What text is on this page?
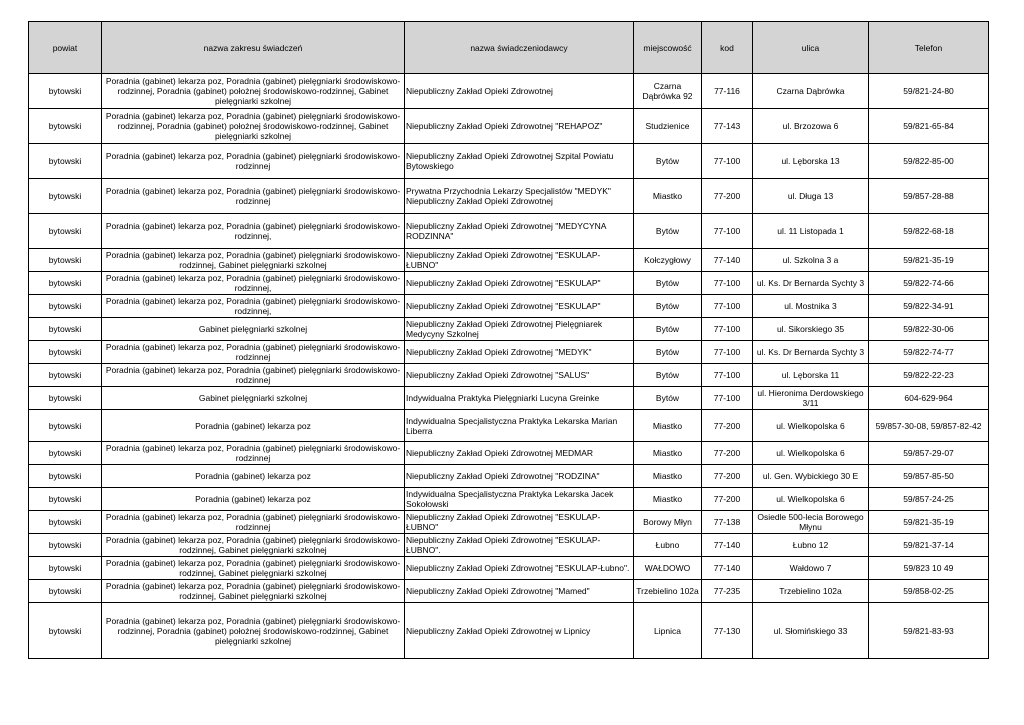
powiat	nazwa zakresu świadczeń	nazwa świadczeniodawcy	miejscowość	kod	ulica	Telefon
bytowski	Poradnia (gabinet) lekarza poz, Poradnia (gabinet) pielęgniarki środowiskowo-rodzinnej, Poradnia (gabinet) położnej środowiskowo-rodzinnej, Gabinet pielęgniarki szkolnej	Niepubliczny Zakład Opieki Zdrowotnej	Czarna Dąbrówka 92	77-116	Czarna Dąbrówka	59/821-24-80
bytowski	Poradnia (gabinet) lekarza poz, Poradnia (gabinet) pielęgniarki środowiskowo-rodzinnej, Poradnia (gabinet) położnej środowiskowo-rodzinnej, Gabinet pielęgniarki szkolnej	Niepubliczny Zakład Opieki Zdrowotnej "REHAPOZ"	Studzienice	77-143	ul. Brzozowa 6	59/821-65-84
bytowski	Poradnia (gabinet) lekarza poz, Poradnia (gabinet) pielęgniarki środowiskowo-rodzinnej	Niepubliczny Zakład Opieki Zdrowotnej Szpital Powiatu Bytowskiego	Bytów	77-100	ul. Lęborska 13	59/822-85-00
bytowski	Poradnia (gabinet) lekarza poz, Poradnia (gabinet) pielęgniarki środowiskowo-rodzinnej	Prywatna Przychodnia Lekarzy Specjalistów "MEDYK" Niepubliczny Zakład Opieki Zdrowotnej	Miastko	77-200	ul. Długa 13	59/857-28-88
bytowski	Poradnia (gabinet) lekarza poz, Poradnia (gabinet) pielęgniarki środowiskowo-rodzinnej,	Niepubliczny Zakład Opieki Zdrowotnej "MEDYCYNA RODZINNA"	Bytów	77-100	ul. 11 Listopada 1	59/822-68-18
bytowski	Poradnia (gabinet) lekarza poz, Poradnia (gabinet) pielęgniarki środowiskowo-rodzinnej, Gabinet pielęgniarki szkolnej	Niepubliczny Zakład Opieki Zdrowotnej "ESKULAP-ŁUBNO"	Kołczygłowy	77-140	ul. Szkolna 3 a	59/821-35-19
bytowski	Poradnia (gabinet) lekarza poz, Poradnia (gabinet) pielęgniarki środowiskowo-rodzinnej,	Niepubliczny Zakład Opieki Zdrowotnej "ESKULAP"	Bytów	77-100	ul. Ks. Dr Bernarda Sychty 3	59/822-74-66
bytowski	Poradnia (gabinet) lekarza poz, Poradnia (gabinet) pielęgniarki środowiskowo-rodzinnej,	Niepubliczny Zakład Opieki Zdrowotnej "ESKULAP"	Bytów	77-100	ul. Mostnika 3	59/822-34-91
bytowski	Gabinet pielęgniarki szkolnej	Niepubliczny Zakład Opieki Zdrowotnej Pielęgniarek Medycyny Szkolnej	Bytów	77-100	ul. Sikorskiego 35	59/822-30-06
bytowski	Poradnia (gabinet) lekarza poz, Poradnia (gabinet) pielęgniarki środowiskowo-rodzinnej	Niepubliczny Zakład Opieki Zdrowotnej "MEDYK"	Bytów	77-100	ul. Ks. Dr Bernarda Sychty 3	59/822-74-77
bytowski	Poradnia (gabinet) lekarza poz, Poradnia (gabinet) pielęgniarki środowiskowo-rodzinnej	Niepubliczny Zakład Opieki Zdrowotnej "SALUS"	Bytów	77-100	ul. Lęborska 11	59/822-22-23
bytowski	Gabinet pielęgniarki szkolnej	Indywidualna Praktyka Pielęgniarki Lucyna Greinke	Bytów	77-100	ul. Hieronima Derdowskiego 3/11	604-629-964
bytowski	Poradnia (gabinet) lekarza poz	Indywidualna Specjalistyczna Praktyka Lekarska Marian Liberra	Miastko	77-200	ul. Wielkopolska 6	59/857-30-08, 59/857-82-42
bytowski	Poradnia (gabinet) lekarza poz, Poradnia (gabinet) pielęgniarki środowiskowo-rodzinnej	Niepubliczny Zakład Opieki Zdrowotnej MEDMAR	Miastko	77-200	ul. Wielkopolska 6	59/857-29-07
bytowski	Poradnia (gabinet) lekarza poz	Niepubliczny Zakład Opieki Zdrowotnej "RODZINA"	Miastko	77-200	ul. Gen. Wybickiego 30 E	59/857-85-50
bytowski	Poradnia (gabinet) lekarza poz	Indywidualna Specjalistyczna Praktyka Lekarska Jacek Sokołowski	Miastko	77-200	ul. Wielkopolska 6	59/857-24-25
bytowski	Poradnia (gabinet) lekarza poz, Poradnia (gabinet) pielęgniarki środowiskowo-rodzinnej	Niepubliczny Zakład Opieki Zdrowotnej "ESKULAP-ŁUBNO"	Borowy Młyn	77-138	Osiedle 500-lecia Borowego Młynu	59/821-35-19
bytowski	Poradnia (gabinet) lekarza poz, Poradnia (gabinet) pielęgniarki środowiskowo-rodzinnej, Gabinet pielęgniarki szkolnej	Niepubliczny Zakład Opieki Zdrowotnej "ESKULAP-ŁUBNO".	Łubno	77-140	Łubno 12	59/821-37-14
bytowski	Poradnia (gabinet) lekarza poz, Poradnia (gabinet) pielęgniarki środowiskowo-rodzinnej, Gabinet pielęgniarki szkolnej	Niepubliczny Zakład Opieki Zdrowotnej "ESKULAP-Łubno".	WAŁDOWO	77-140	Wałdowo 7	59/823 10 49
bytowski	Poradnia (gabinet) lekarza poz, Poradnia (gabinet) pielęgniarki środowiskowo-rodzinnej, Gabinet pielęgniarki szkolnej	Niepubliczny Zakład Opieki Zdrowotnej "Mamed"	Trzebielino 102a	77-235	Trzebielino 102a	59/858-02-25
bytowski	Poradnia (gabinet) lekarza poz, Poradnia (gabinet) pielęgniarki środowiskowo-rodzinnej, Poradnia (gabinet) położnej środowiskowo-rodzinnej, Gabinet pielęgniarki szkolnej	Niepubliczny Zakład Opieki Zdrowotnej w Lipnicy	Lipnica	77-130	ul. Słomińskiego 33	59/821-83-93
